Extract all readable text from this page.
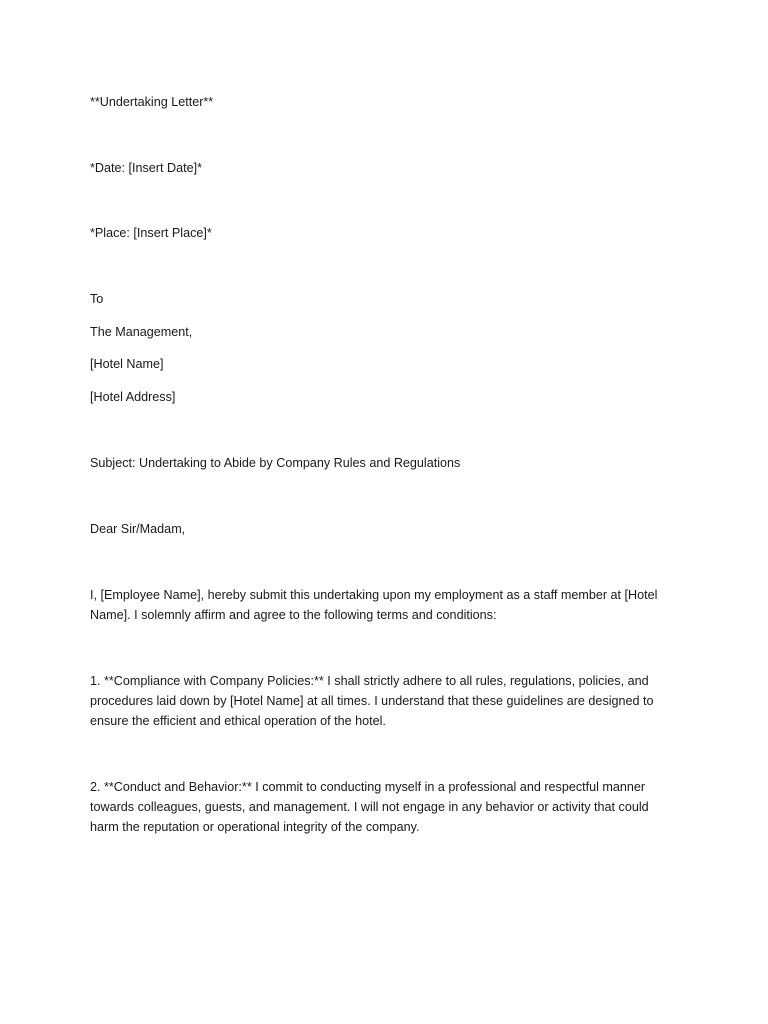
**Undertaking Letter**
*Date: [Insert Date]*
*Place: [Insert Place]*
To
The Management,
[Hotel Name]
[Hotel Address]
Subject: Undertaking to Abide by Company Rules and Regulations
Dear Sir/Madam,
I, [Employee Name], hereby submit this undertaking upon my employment as a staff member at [Hotel
Name]. I solemnly affirm and agree to the following terms and conditions:
1. **Compliance with Company Policies:** I shall strictly adhere to all rules, regulations, policies, and
procedures laid down by [Hotel Name] at all times. I understand that these guidelines are designed to
ensure the efficient and ethical operation of the hotel.
2. **Conduct and Behavior:** I commit to conducting myself in a professional and respectful manner
towards colleagues, guests, and management. I will not engage in any behavior or activity that could
harm the reputation or operational integrity of the company.
